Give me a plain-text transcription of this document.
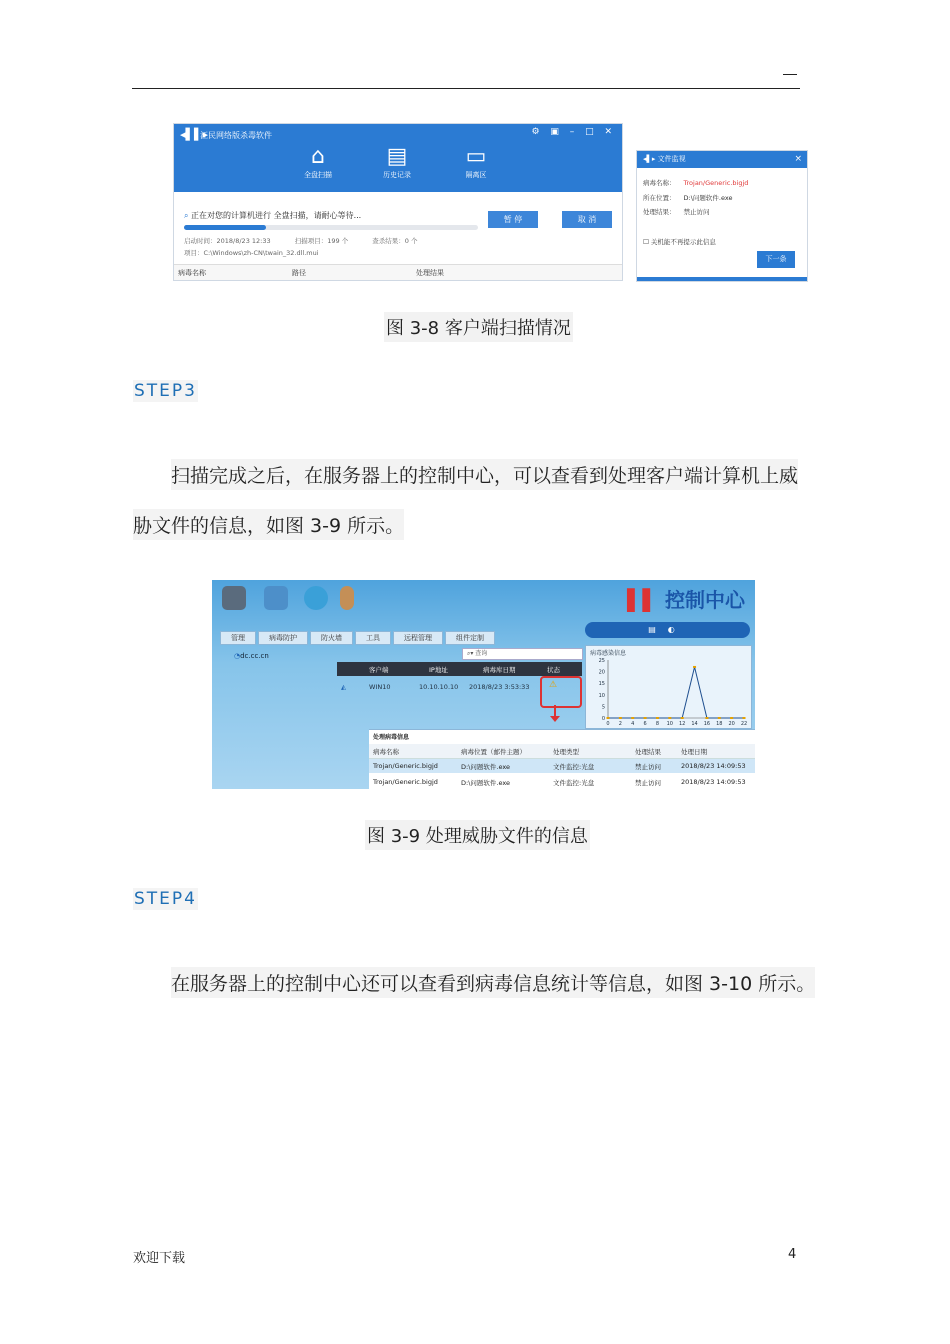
◂▌▌▸
江民网络版杀毒软件	⚙ ▣ – □ ✕
⌂
全盘扫描
▤
历史记录
▭
隔离区
⌕ 正在对您的计算机进行 全盘扫描，请耐心等待...	暂 停	取 消
启动时间：2018/8/23 12:33	扫描项目：199 个	查杀结果：0 个
项目：C:\Windows\zh-CN\twain_32.dll.mui
病毒名称	路径	处理结果
◂▌▸ 文件监视	×
病毒名称： Trojan/Generic.bigjd
所在位置： D:\问题软件.exe
处理结果： 禁止访问
☐ 关机能不再提示此信息
下一条
图 3-8 客户端扫描情况
STEP3
扫描完成之后，在服务器上的控制中心，可以查看到处理客户端计算机上威
胁文件的信息，如图 3-9 所示。
▌▌ 控制中心
管理	病毒防护	防火墙	工具	远程管理	组件定制
▤◐
◔dc.cc.cn	⌕▾ 查询
客户端	IP地址	病毒库日期	状态
◭	WIN10	10.10.10.10 2018/8/23 3:53:33 ⚠
病毒感染信息
0
5
10
15
20
25
0 2 4 6 8 10 12 14 16 18 20 22
处理病毒信息
病毒名称	病毒位置（邮件主题）	处理类型	处理结果	处理日期
Trojan/Generic.bigjd	D:\问题软件.exe	文件监控:光盘	禁止访问	2018/8/23 14:09:53
Trojan/Generic.bigjd	D:\问题软件.exe	文件监控:光盘	禁止访问	2018/8/23 14:09:53
图 3-9 处理威胁文件的信息
STEP4
在服务器上的控制中心还可以查看到病毒信息统计等信息，如图 3-10 所示。
欢迎下载	4
